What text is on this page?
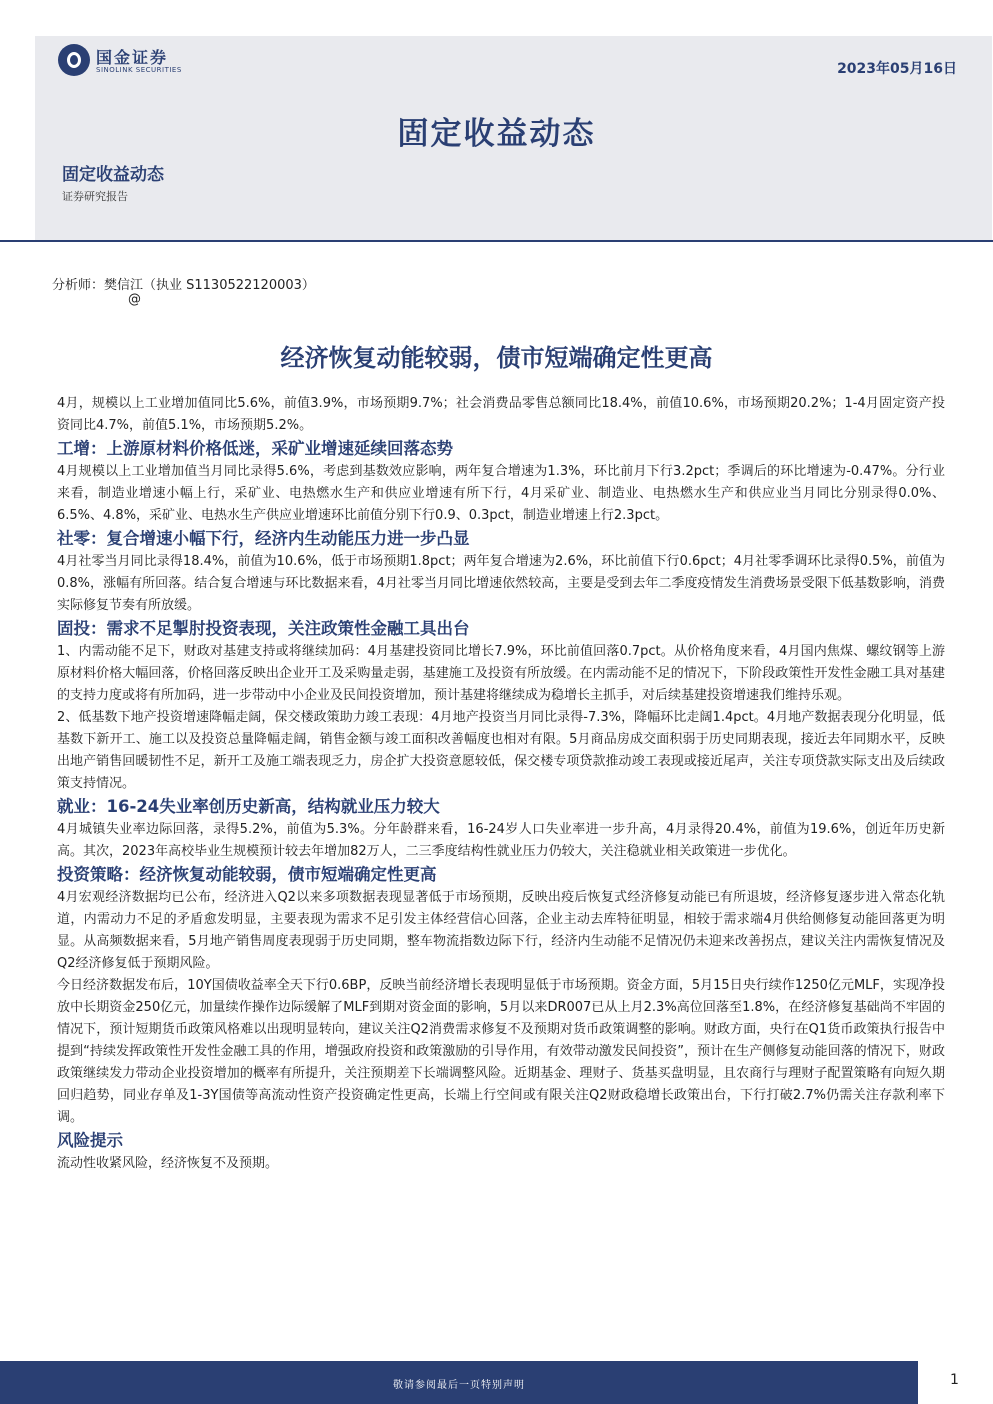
国金证券
SINOLINK SECURITIES	2023年05月16日
固定收益动态
固定收益动态
证券研究报告
分析师：樊信江（执业 S1130522120003）
@
经济恢复动能较弱，债市短端确定性更高

4月，规模以上工业增加值同比5.6%，前值3.9%，市场预期9.7%；社会消费品零售总额同比18.4%，前值10.6%，市场预期20.2%；1-4月固定资产投资同比4.7%，前值5.1%，市场预期5.2%。

工增：上游原材料价格低迷，采矿业增速延续回落态势

4月规模以上工业增加值当月同比录得5.6%，考虑到基数效应影响，两年复合增速为1.3%，环比前月下行3.2pct；季调后的环比增速为-0.47%。分行业来看，制造业增速小幅上行，采矿业、电热燃水生产和供应业增速有所下行，4月采矿业、制造业、电热燃水生产和供应业当月同比分别录得0.0%、6.5%、4.8%，采矿业、电热水生产供应业增速环比前值分别下行0.9、0.3pct，制造业增速上行2.3pct。

社零：复合增速小幅下行，经济内生动能压力进一步凸显

4月社零当月同比录得18.4%，前值为10.6%，低于市场预期1.8pct；两年复合增速为2.6%，环比前值下行0.6pct；4月社零季调环比录得0.5%，前值为0.8%，涨幅有所回落。结合复合增速与环比数据来看，4月社零当月同比增速依然较高，主要是受到去年二季度疫情发生消费场景受限下低基数影响，消费实际修复节奏有所放缓。

固投：需求不足掣肘投资表现，关注政策性金融工具出台

1、内需动能不足下，财政对基建支持或将继续加码：4月基建投资同比增长7.9%，环比前值回落0.7pct。从价格角度来看，4月国内焦煤、螺纹钢等上游原材料价格大幅回落，价格回落反映出企业开工及采购量走弱，基建施工及投资有所放缓。在内需动能不足的情况下，下阶段政策性开发性金融工具对基建的支持力度或将有所加码，进一步带动中小企业及民间投资增加，预计基建将继续成为稳增长主抓手，对后续基建投资增速我们维持乐观。

2、低基数下地产投资增速降幅走阔，保交楼政策助力竣工表现：4月地产投资当月同比录得-7.3%，降幅环比走阔1.4pct。4月地产数据表现分化明显，低基数下新开工、施工以及投资总量降幅走阔，销售金额与竣工面积改善幅度也相对有限。5月商品房成交面积弱于历史同期表现，接近去年同期水平，反映出地产销售回暖韧性不足，新开工及施工端表现乏力，房企扩大投资意愿较低，保交楼专项贷款推动竣工表现或接近尾声，关注专项贷款实际支出及后续政策支持情况。

就业：16-24失业率创历史新高，结构就业压力较大

4月城镇失业率边际回落，录得5.2%，前值为5.3%。分年龄群来看，16-24岁人口失业率进一步升高，4月录得20.4%，前值为19.6%，创近年历史新高。其次，2023年高校毕业生规模预计较去年增加82万人，二三季度结构性就业压力仍较大，关注稳就业相关政策进一步优化。

投资策略：经济恢复动能较弱，债市短端确定性更高

4月宏观经济数据均已公布，经济进入Q2以来多项数据表现显著低于市场预期，反映出疫后恢复式经济修复动能已有所退坡，经济修复逐步进入常态化轨道，内需动力不足的矛盾愈发明显，主要表现为需求不足引发主体经营信心回落，企业主动去库特征明显，相较于需求端4月供给侧修复动能回落更为明显。从高频数据来看，5月地产销售周度表现弱于历史同期，整车物流指数边际下行，经济内生动能不足情况仍未迎来改善拐点，建议关注内需恢复情况及Q2经济修复低于预期风险。

今日经济数据发布后，10Y国债收益率全天下行0.6BP，反映当前经济增长表现明显低于市场预期。资金方面，5月15日央行续作1250亿元MLF，实现净投放中长期资金250亿元，加量续作操作边际缓解了MLF到期对资金面的影响，5月以来DR007已从上月2.3%高位回落至1.8%，在经济修复基础尚不牢固的情况下，预计短期货币政策风格难以出现明显转向，建议关注Q2消费需求修复不及预期对货币政策调整的影响。财政方面，央行在Q1货币政策执行报告中提到“持续发挥政策性开发性金融工具的作用，增强政府投资和政策激励的引导作用，有效带动激发民间投资”，预计在生产侧修复动能回落的情况下，财政政策继续发力带动企业投资增加的概率有所提升，关注预期差下长端调整风险。近期基金、理财子、货基买盘明显，且农商行与理财子配置策略有向短久期回归趋势，同业存单及1-3Y国债等高流动性资产投资确定性更高，长端上行空间或有限关注Q2财政稳增长政策出台，下行打破2.7%仍需关注存款利率下调。

风险提示

流动性收紧风险，经济恢复不及预期。

敬请参阅最后一页特别声明	1
